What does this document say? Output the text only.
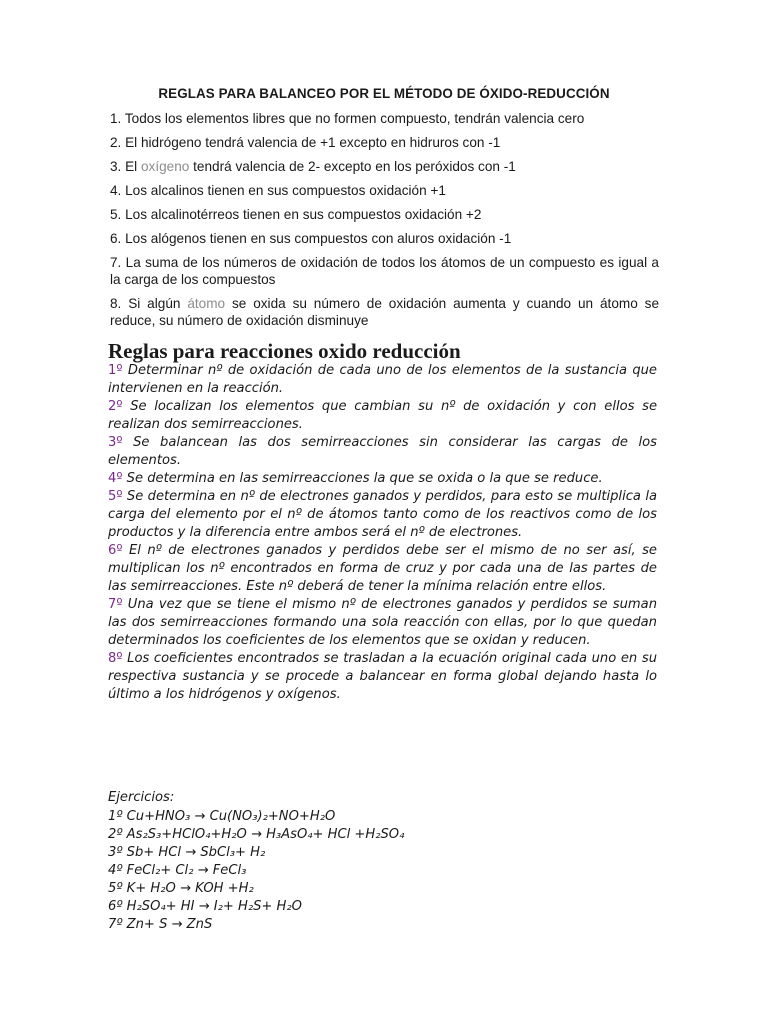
REGLAS PARA BALANCEO POR EL MÉTODO DE ÓXIDO-REDUCCIÓN

1. Todos los elementos libres que no formen compuesto, tendrán valencia cero

2. El hidrógeno tendrá valencia de +1 excepto en hidruros con -1

3. El oxígeno tendrá valencia de 2- excepto en los peróxidos con -1

4. Los alcalinos tienen en sus compuestos oxidación +1

5. Los alcalinotérreos tienen en sus compuestos oxidación +2

6. Los alógenos tienen en sus compuestos con aluros oxidación -1

7. La suma de los números de oxidación de todos los átomos de un compuesto es igual a la carga de los compuestos

8. Si algún átomo se oxida su número de oxidación aumenta y cuando un átomo se reduce, su número de oxidación disminuye

Reglas para reacciones oxido reducción

1º Determinar nº de oxidación de cada uno de los elementos de la sustancia que intervienen en la reacción.

2º Se localizan los elementos que cambian su nº de oxidación y con ellos se realizan dos semirreacciones.

3º Se balancean las dos semirreacciones sin considerar las cargas de los elementos.

4º Se determina en las semirreacciones la que se oxida o la que se reduce.

5º Se determina en nº de electrones ganados y perdidos, para esto se multiplica la carga del elemento por el nº de átomos tanto como de los reactivos como de los productos y la diferencia entre ambos será el nº de electrones.

6º El nº de electrones ganados y perdidos debe ser el mismo de no ser así, se multiplican los nº encontrados en forma de cruz y por cada una de las partes de las semirreacciones. Este nº deberá de tener la mínima relación entre ellos.

7º Una vez que se tiene el mismo nº de electrones ganados y perdidos se suman las dos semirreacciones formando una sola reacción con ellas, por lo que quedan determinados los coeficientes de los elementos que se oxidan y reducen.

8º Los coeficientes encontrados se trasladan a la ecuación original cada uno en su respectiva sustancia y se procede a balancear en forma global dejando hasta lo último a los hidrógenos y oxígenos.

Ejercicios:

1º Cu+HNO₃ → Cu(NO₃)₂+NO+H₂O

2º As₂S₃+HClO₄+H₂O → H₃AsO₄+ HCl +H₂SO₄

3º Sb+ HCl → SbCl₃+ H₂

4º FeCl₂+ Cl₂ → FeCl₃

5º K+ H₂O → KOH +H₂

6º H₂SO₄+ HI → I₂+ H₂S+ H₂O

7º Zn+ S → ZnS
